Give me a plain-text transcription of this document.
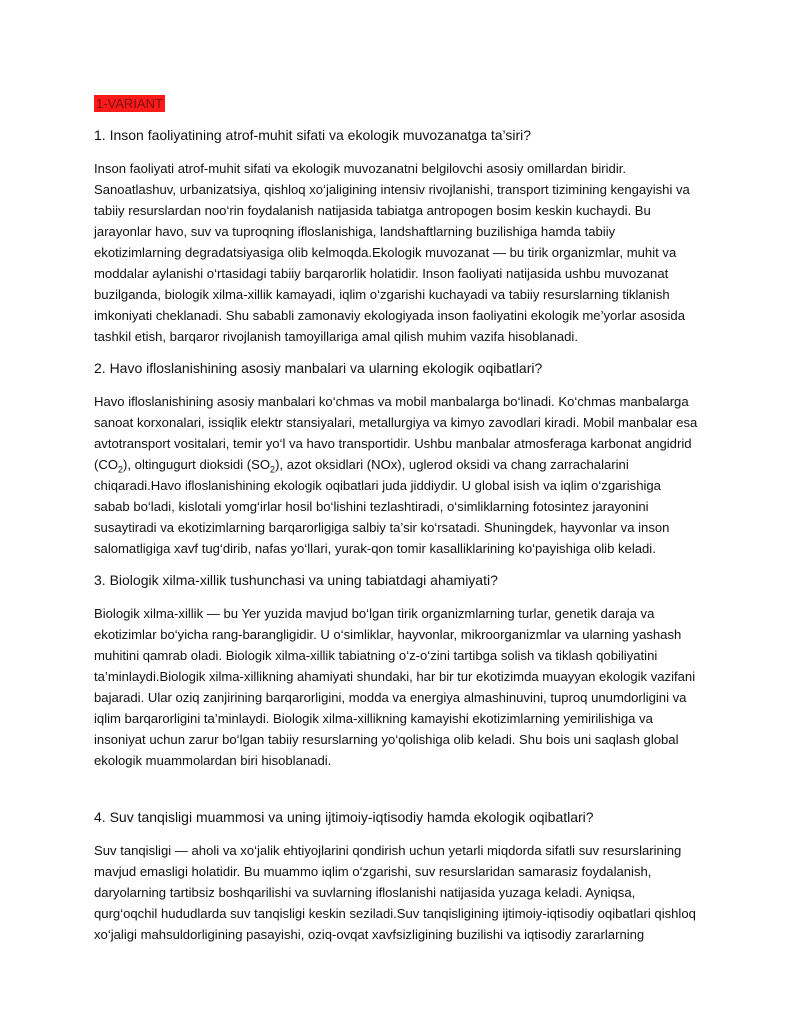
1-VARIANT

1. Inson faoliyatining atrof-muhit sifati va ekologik muvozanatga ta’siri?

Inson faoliyati atrof-muhit sifati va ekologik muvozanatni belgilovchi asosiy omillardan biridir. Sanoatlashuv, urbanizatsiya, qishloq xo‘jaligining intensiv rivojlanishi, transport tizimining kengayishi va tabiiy resurslardan noo‘rin foydalanish natijasida tabiatga antropogen bosim keskin kuchaydi. Bu jarayonlar havo, suv va tuproqning ifloslanishiga, landshaftlarning buzilishiga hamda tabiiy ekotizimlarning degradatsiyasiga olib kelmoqda.Ekologik muvozanat — bu tirik organizmlar, muhit va moddalar aylanishi o‘rtasidagi tabiiy barqarorlik holatidir. Inson faoliyati natijasida ushbu muvozanat buzilganda, biologik xilma-xillik kamayadi, iqlim o‘zgarishi kuchayadi va tabiiy resurslarning tiklanish imkoniyati cheklanadi. Shu sababli zamonaviy ekologiyada inson faoliyatini ekologik me’yorlar asosida tashkil etish, barqaror rivojlanish tamoyillariga amal qilish muhim vazifa hisoblanadi.

2. Havo ifloslanishining asosiy manbalari va ularning ekologik oqibatlari?

Havo ifloslanishining asosiy manbalari ko‘chmas va mobil manbalarga bo‘linadi. Ko‘chmas manbalarga sanoat korxonalari, issiqlik elektr stansiyalari, metallurgiya va kimyo zavodlari kiradi. Mobil manbalar esa avtotransport vositalari, temir yo‘l va havo transportidir. Ushbu manbalar atmosferaga karbonat angidrid $(CO_2)$, oltingugurt dioksidi $(SO_2)$, azot oksidlari (NOx), uglerod oksidi va chang zarrachalarini chiqaradi.Havo ifloslanishining ekologik oqibatlari juda jiddiydir. U global isish va iqlim o‘zgarishiga sabab bo‘ladi, kislotali yomg‘irlar hosil bo‘lishini tezlashtiradi, o‘simliklarning fotosintez jarayonini susaytiradi va ekotizimlarning barqarorligiga salbiy ta’sir ko‘rsatadi. Shuningdek, hayvonlar va inson salomatligiga xavf tug‘dirib, nafas yo‘llari, yurak-qon tomir kasalliklarining ko‘payishiga olib keladi.

3. Biologik xilma-xillik tushunchasi va uning tabiatdagi ahamiyati?

Biologik xilma-xillik — bu Yer yuzida mavjud bo‘lgan tirik organizmlarning turlar, genetik daraja va ekotizimlar bo‘yicha rang-barangligidir. U o‘simliklar, hayvonlar, mikroorganizmlar va ularning yashash muhitini qamrab oladi. Biologik xilma-xillik tabiatning o‘z-o‘zini tartibga solish va tiklash qobiliyatini ta’minlaydi.Biologik xilma-xillikning ahamiyati shundaki, har bir tur ekotizimda muayyan ekologik vazifani bajaradi. Ular oziq zanjirining barqarorligini, modda va energiya almashinuvini, tuproq unumdorligini va iqlim barqarorligini ta’minlaydi. Biologik xilma-xillikning kamayishi ekotizimlarning yemirilishiga va insoniyat uchun zarur bo‘lgan tabiiy resurslarning yo‘qolishiga olib keladi. Shu bois uni saqlash global ekologik muammolardan biri hisoblanadi.

4. Suv tanqisligi muammosi va uning ijtimoiy-iqtisodiy hamda ekologik oqibatlari?

Suv tanqisligi — aholi va xo‘jalik ehtiyojlarini qondirish uchun yetarli miqdorda sifatli suv resurslarining mavjud emasligi holatidir. Bu muammo iqlim o‘zgarishi, suv resurslaridan samarasiz foydalanish, daryolarning tartibsiz boshqarilishi va suvlarning ifloslanishi natijasida yuzaga keladi. Ayniqsa, qurg‘oqchil hududlarda suv tanqisligi keskin seziladi.Suv tanqisligining ijtimoiy-iqtisodiy oqibatlari qishloq xo‘jaligi mahsuldorligining pasayishi, oziq-ovqat xavfsizligining buzilishi va iqtisodiy zararlarning
